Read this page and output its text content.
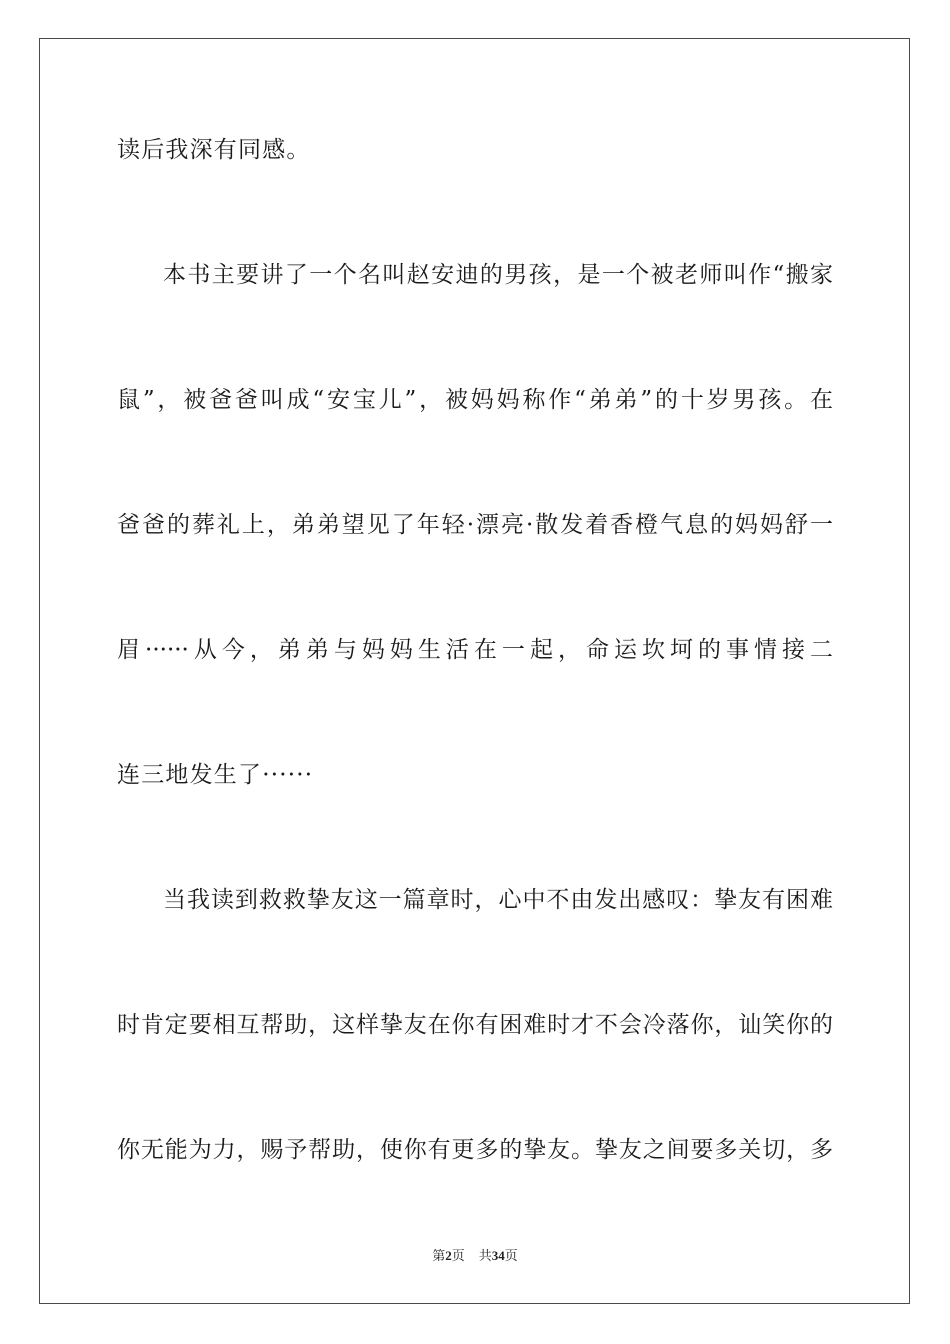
读后我深有同感。
本书主要讲了一个名叫赵安迪的男孩，是一个被老师叫作“搬家
鼠”，被爸爸叫成“安宝儿”，被妈妈称作“弟弟”的十岁男孩。在
爸爸的葬礼上，弟弟望见了年轻·漂亮·散发着香橙气息的妈妈舒一
眉······从今，弟弟与妈妈生活在一起，命运坎坷的事情接二
连三地发生了······
当我读到救救挚友这一篇章时，心中不由发出感叹：挚友有困难
时肯定要相互帮助，这样挚友在你有困难时才不会冷落你，讪笑你的
你无能为力，赐予帮助，使你有更多的挚友。挚友之间要多关切，多
第2页 共34页
